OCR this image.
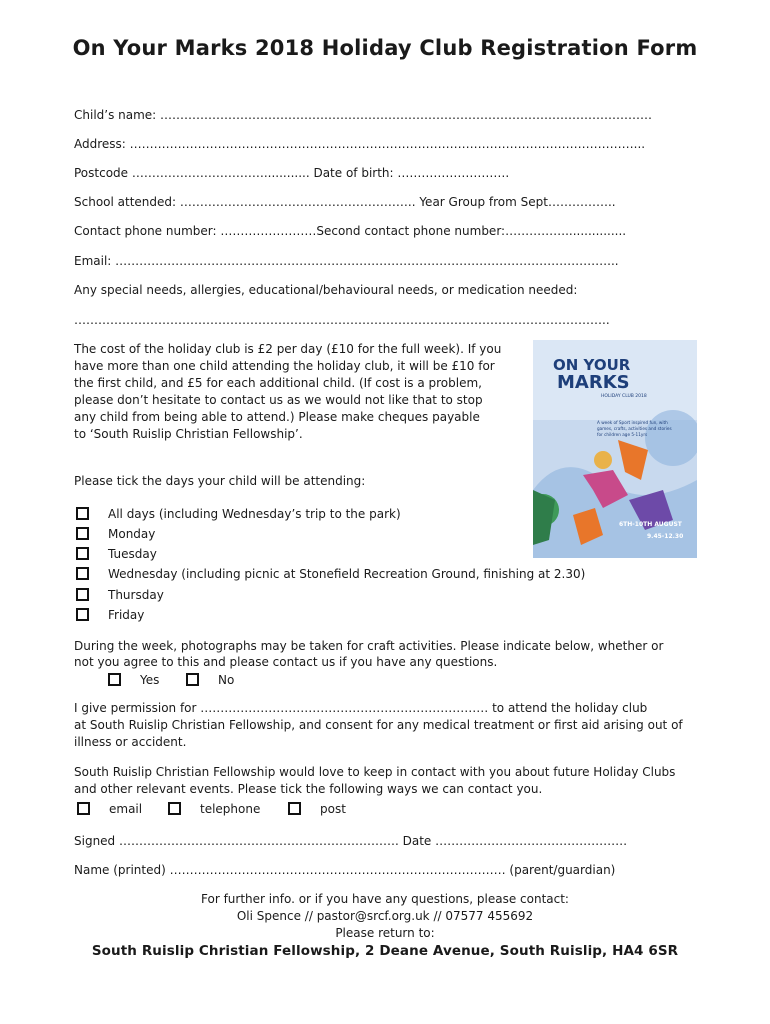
On Your Marks 2018 Holiday Club Registration Form
Child’s name: ……………………………………………………………………………………………………………
Address: ………………………………………………………………………………………………………………...
Postcode ……………………………............ Date of birth: ……………………….
School attended: ………………………………………………….. Year Group from Sept……………..
Contact phone number: ……………………Second contact phone number:……………................
Email: ……………………………………………………………………………………………………………...
Any special needs, allergies, educational/behavioural needs, or medication needed:
……………………………………………………………………………………………………………………..
The cost of the holiday club is £2 per day (£10 for the full week). If you
have more than one child attending the holiday club, it will be £10 for
the first child, and £5 for each additional child. (If cost is a problem,
please don’t hesitate to contact us as we would not like that to stop
any child from being able to attend.) Please make cheques payable
to ‘South Ruislip Christian Fellowship’.
Please tick the days your child will be attending:
All days (including Wednesday’s trip to the park)
Monday
Tuesday
Wednesday (including picnic at Stonefield Recreation Ground, finishing at 2.30)
Thursday
Friday
During the week, photographs may be taken for craft activities. Please indicate below, whether or
not you agree to this and please contact us if you have any questions.
Yes	No
I give permission for ……………………………………………………………… to attend the holiday club
at South Ruislip Christian Fellowship, and consent for any medical treatment or first aid arising out of
illness or accident.
South Ruislip Christian Fellowship would love to keep in contact with you about future Holiday Clubs
and other relevant events. Please tick the following ways we can contact you.
email	telephone	post
Signed ……………………………………………………………. Date …………………………………………
Name (printed) ………………………………………………………………………… (parent/guardian)
For further info. or if you have any questions, please contact:
Oli Spence // pastor@srcf.org.uk // 07577 455692
Please return to:
South Ruislip Christian Fellowship, 2 Deane Avenue, South Ruislip, HA4 6SR
ON YOUR
MARKS
HOLIDAY CLUB 2018
A week of Sport inspired fun, with
games, crafts, activities and stories
for children age 5-11yrs
6TH-10TH AUGUST
9.45-12.30
